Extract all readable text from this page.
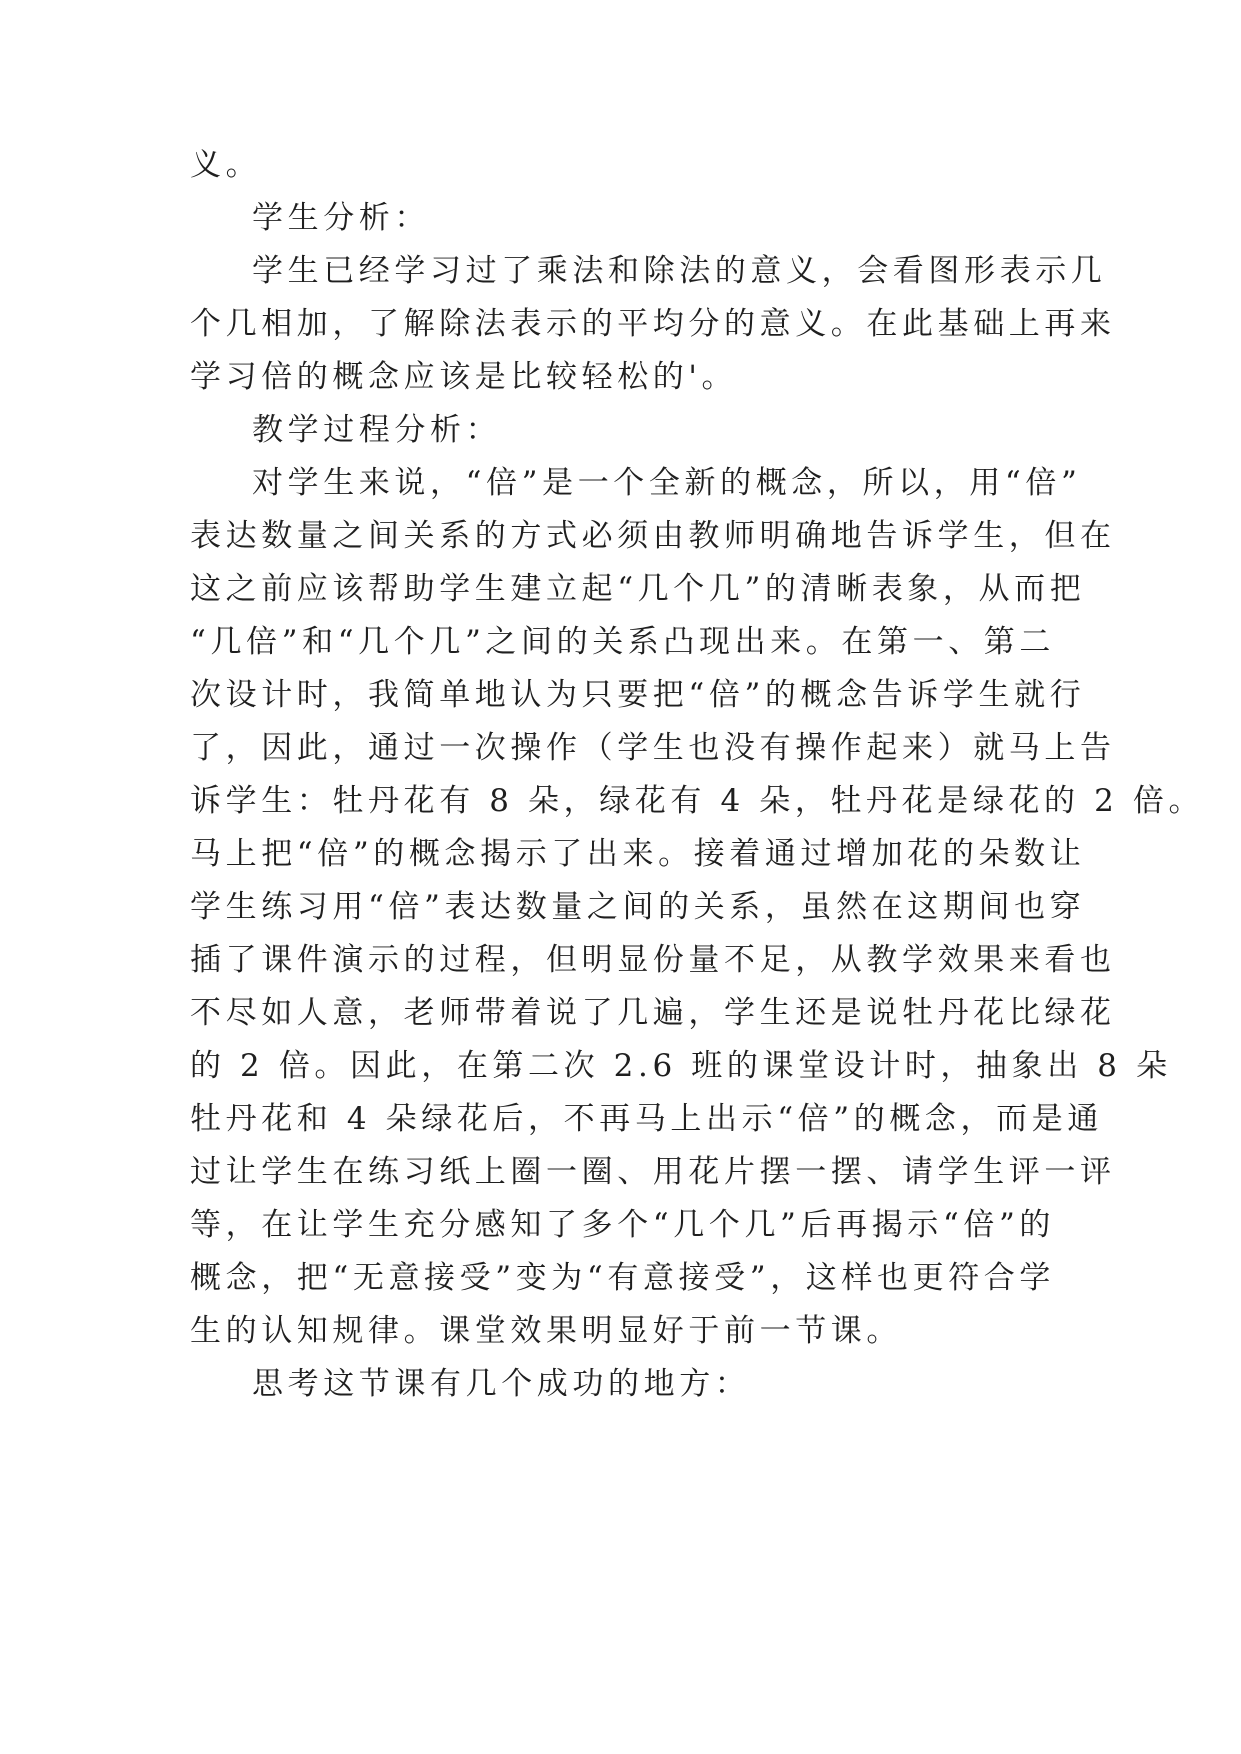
义。
学生分析：
学生已经学习过了乘法和除法的意义，会看图形表示几
个几相加，了解除法表示的平均分的意义。在此基础上再来
学习倍的概念应该是比较轻松的'。
教学过程分析：
对学生来说，“倍”是一个全新的概念，所以，用“倍”
表达数量之间关系的方式必须由教师明确地告诉学生，但在
这之前应该帮助学生建立起“几个几”的清晰表象，从而把
“几倍”和“几个几”之间的关系凸现出来。在第一、第二
次设计时，我简单地认为只要把“倍”的概念告诉学生就行
了，因此，通过一次操作（学生也没有操作起来）就马上告
诉学生：牡丹花有 8 朵，绿花有 4 朵，牡丹花是绿花的 2 倍。
马上把“倍”的概念揭示了出来。接着通过增加花的朵数让
学生练习用“倍”表达数量之间的关系，虽然在这期间也穿
插了课件演示的过程，但明显份量不足，从教学效果来看也
不尽如人意，老师带着说了几遍，学生还是说牡丹花比绿花
的 2 倍。因此，在第二次 2.6 班的课堂设计时，抽象出 8 朵
牡丹花和 4 朵绿花后，不再马上出示“倍”的概念，而是通
过让学生在练习纸上圈一圈、用花片摆一摆、请学生评一评
等，在让学生充分感知了多个“几个几”后再揭示“倍”的
概念，把“无意接受”变为“有意接受”，这样也更符合学
生的认知规律。课堂效果明显好于前一节课。
思考这节课有几个成功的地方：
